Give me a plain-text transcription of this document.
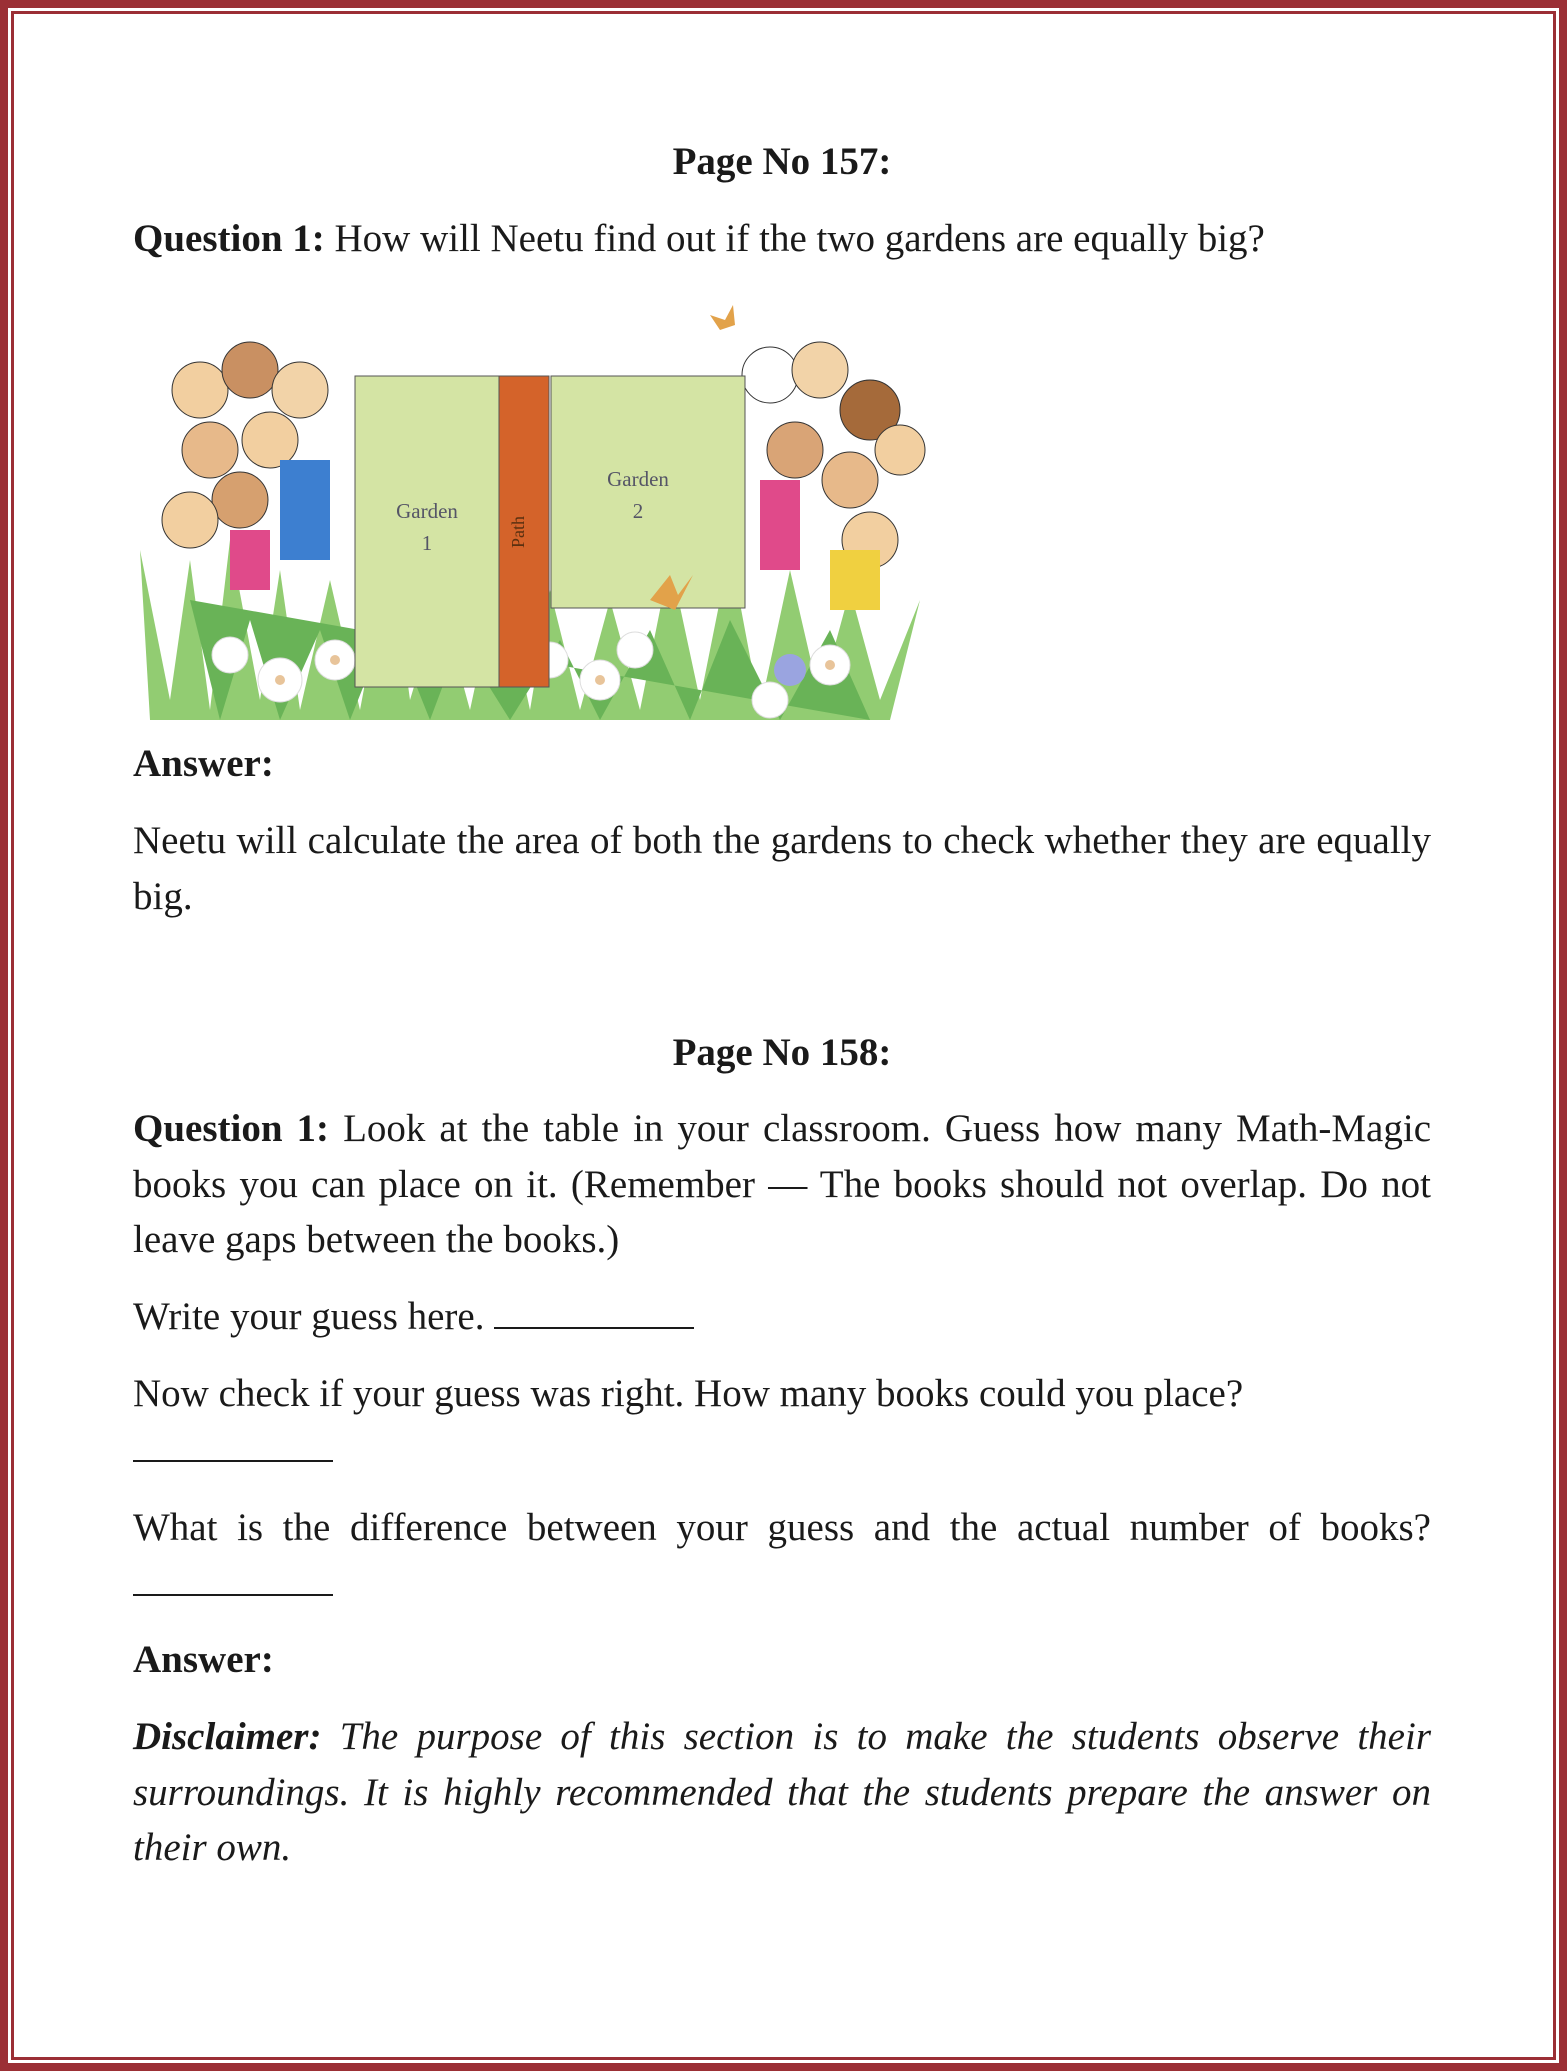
Page No 157:
Question 1: How will Neetu find out if the two gardens are equally big?
Garden
1	Path
Garden
2
Answer:
Neetu will calculate the area of both the gardens to check whether they are equally big.
Page No 158:
Question 1: Look at the table in your classroom. Guess how many Math-Magic books you can place on it. (Remember — The books should not overlap. Do not leave gaps between the books.)
Write your guess here.
Now check if your guess was right. How many books could you place?

What is the difference between your guess and the actual number of books?
Answer:
Disclaimer: The purpose of this section is to make the students observe their surroundings. It is highly recommended that the students prepare the answer on their own.
